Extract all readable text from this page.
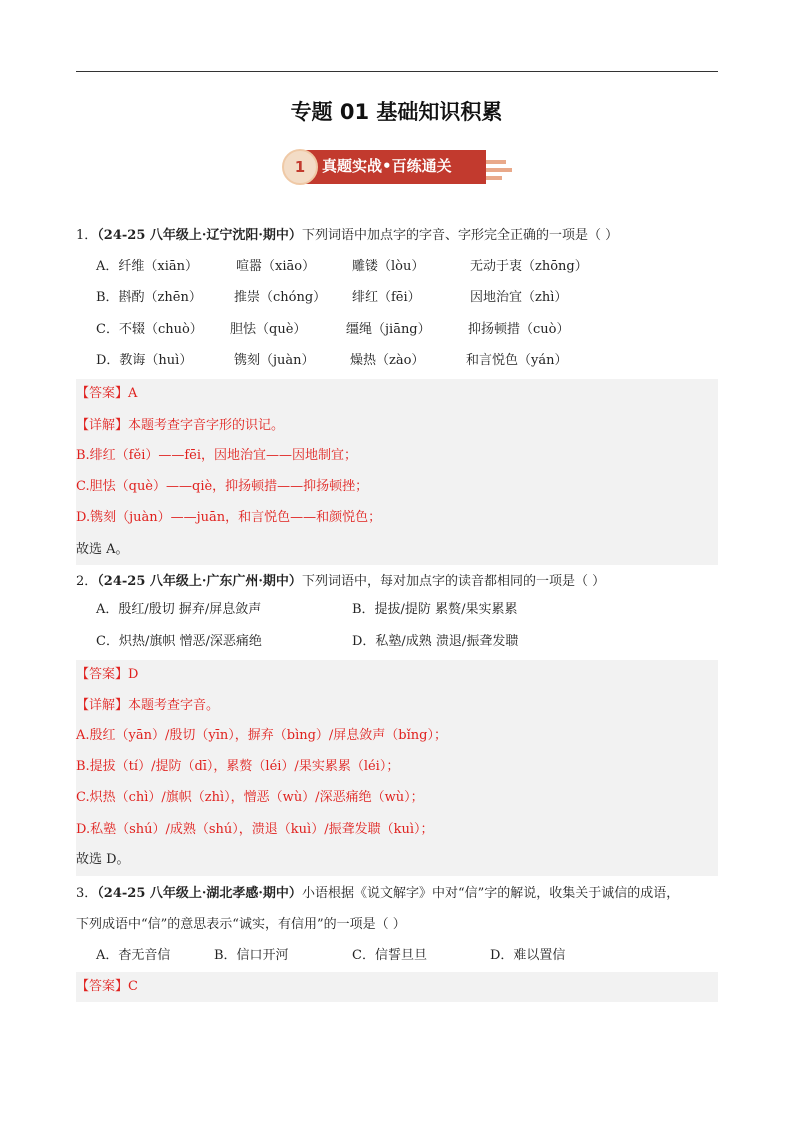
专题 01 基础知识积累
1	真题实战•百练通关
1．（24-25 八年级上·辽宁沈阳·期中）下列词语中加点字的字音、字形完全正确的一项是（ ）
A．纤维（xiān）	喧嚣（xiāo）	雕镂（lòu）	无动于衷（zhōng）
B．斟酌（zhēn） 推崇（chóng） 绯红（fēi）	因地治宜（zhì）
C．不辍（chuò） 胆怯（què）	缰绳（jiāng）	抑扬顿措（cuò）
D．教诲（huì）	镌刻（juàn）	燥热（zào）	和言悦色（yán）
【答案】A
【详解】本题考查字音字形的识记。
B.绯红（fěi）——fēi，因地治宜——因地制宜；
C.胆怯（què）——qiè，抑扬顿措——抑扬顿挫；
D.镌刻（juàn）——juān，和言悦色——和颜悦色；
故选 A。
2．（24-25 八年级上·广东广州·期中）下列词语中，每对加点字的读音都相同的一项是（ ）
A．殷红/殷切 摒弃/屏息敛声	B．提拔/提防 累赘/果实累累
C．炽热/旗帜 憎恶/深恶痛绝	D．私塾/成熟 溃退/振聋发聩
【答案】D
【详解】本题考查字音。
A.殷红（yān）/殷切（yīn），摒弃（bìng）/屏息敛声（bǐng）；
B.提拔（tí）/提防（dī），累赘（léi）/果实累累（léi）；
C.炽热（chì）/旗帜（zhì），憎恶（wù）/深恶痛绝（wù）；
D.私塾（shú）/成熟（shú），溃退（kuì）/振聋发聩（kuì）；
故选 D。
3．（24-25 八年级上·湖北孝感·期中）小语根据《说文解字》中对“信”字的解说，收集关于诚信的成语，
下列成语中“信”的意思表示“诚实，有信用”的一项是（ ）
A．杳无音信	B．信口开河	C．信誓旦旦	D．难以置信
【答案】C
